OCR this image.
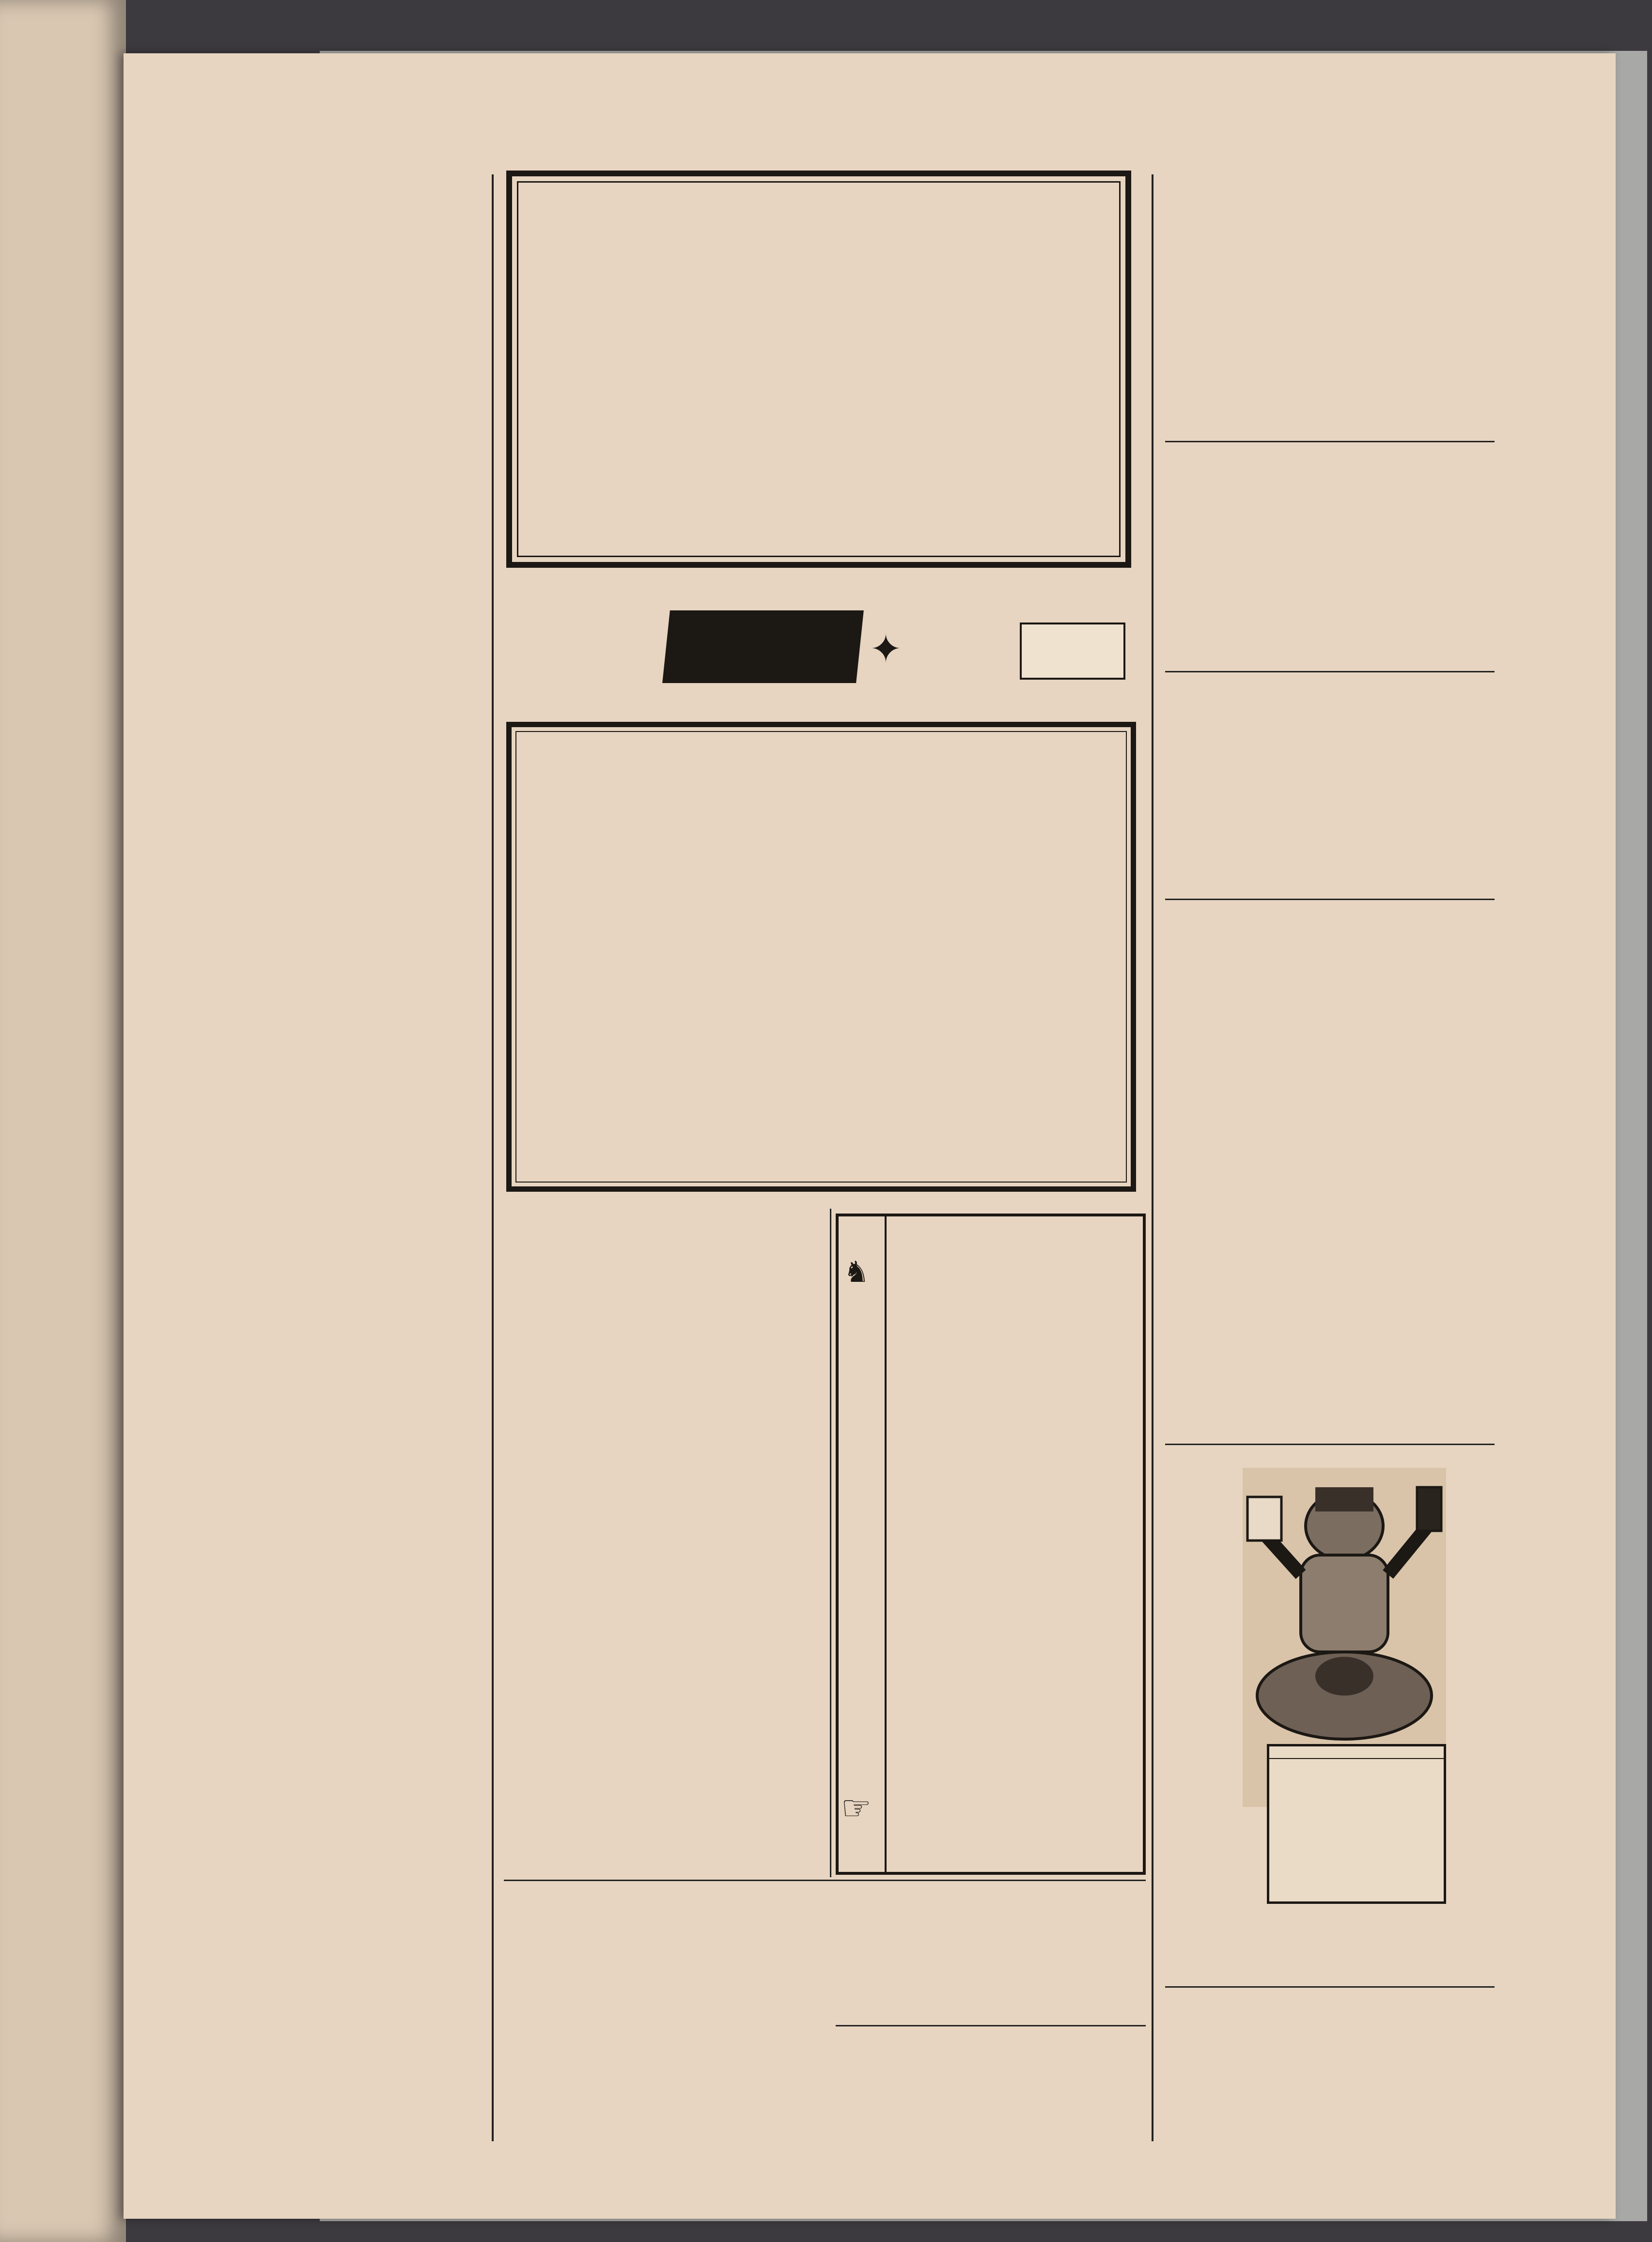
✦
☞
♞
